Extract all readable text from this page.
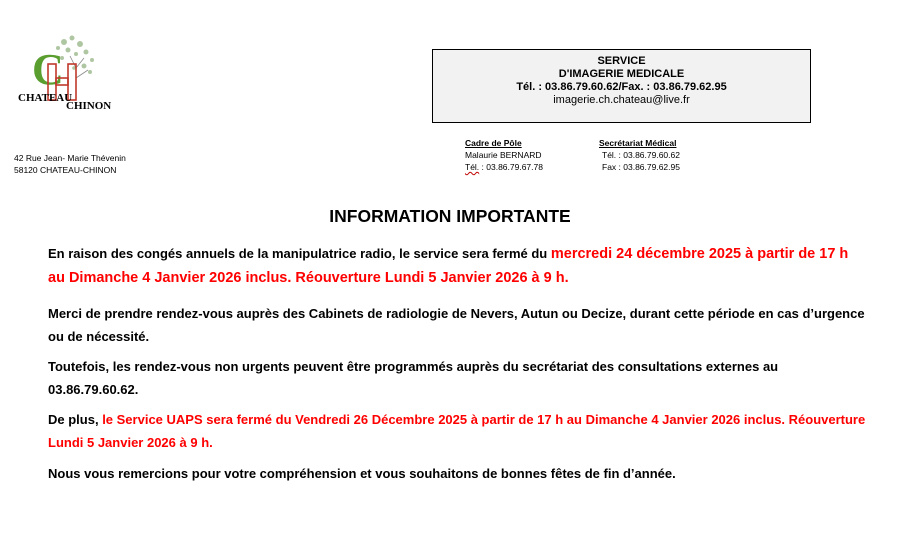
C
CHATEAU
CHINON
SERVICE
D'IMAGERIE MEDICALE
Tél. : 03.86.79.60.62/Fax. : 03.86.79.62.95
imagerie.ch.chateau@live.fr
42 Rue Jean- Marie Thévenin
58120 CHATEAU-CHINON
Cadre de Pôle
Malaurie BERNARD
Tél. : 03.86.79.67.78
Secrétariat Médical
Tél. : 03.86.79.60.62
Fax : 03.86.79.62.95
INFORMATION IMPORTANTE
En raison des congés annuels de la manipulatrice radio, le service sera fermé du mercredi 24 décembre 2025 à partir de 17 h au Dimanche 4 Janvier 2026 inclus. Réouverture Lundi 5 Janvier 2026 à 9 h.
Merci de prendre rendez-vous auprès des Cabinets de radiologie de Nevers, Autun ou Decize, durant cette période en cas d’urgence ou de nécessité.
Toutefois, les rendez-vous non urgents peuvent être programmés auprès du secrétariat des consultations externes au 03.86.79.60.62.
De plus, le Service UAPS sera fermé du Vendredi 26 Décembre 2025 à partir de 17 h au Dimanche 4 Janvier 2026 inclus. Réouverture Lundi 5 Janvier 2026 à 9 h.
Nous vous remercions pour votre compréhension et vous souhaitons de bonnes fêtes de fin d’année.
